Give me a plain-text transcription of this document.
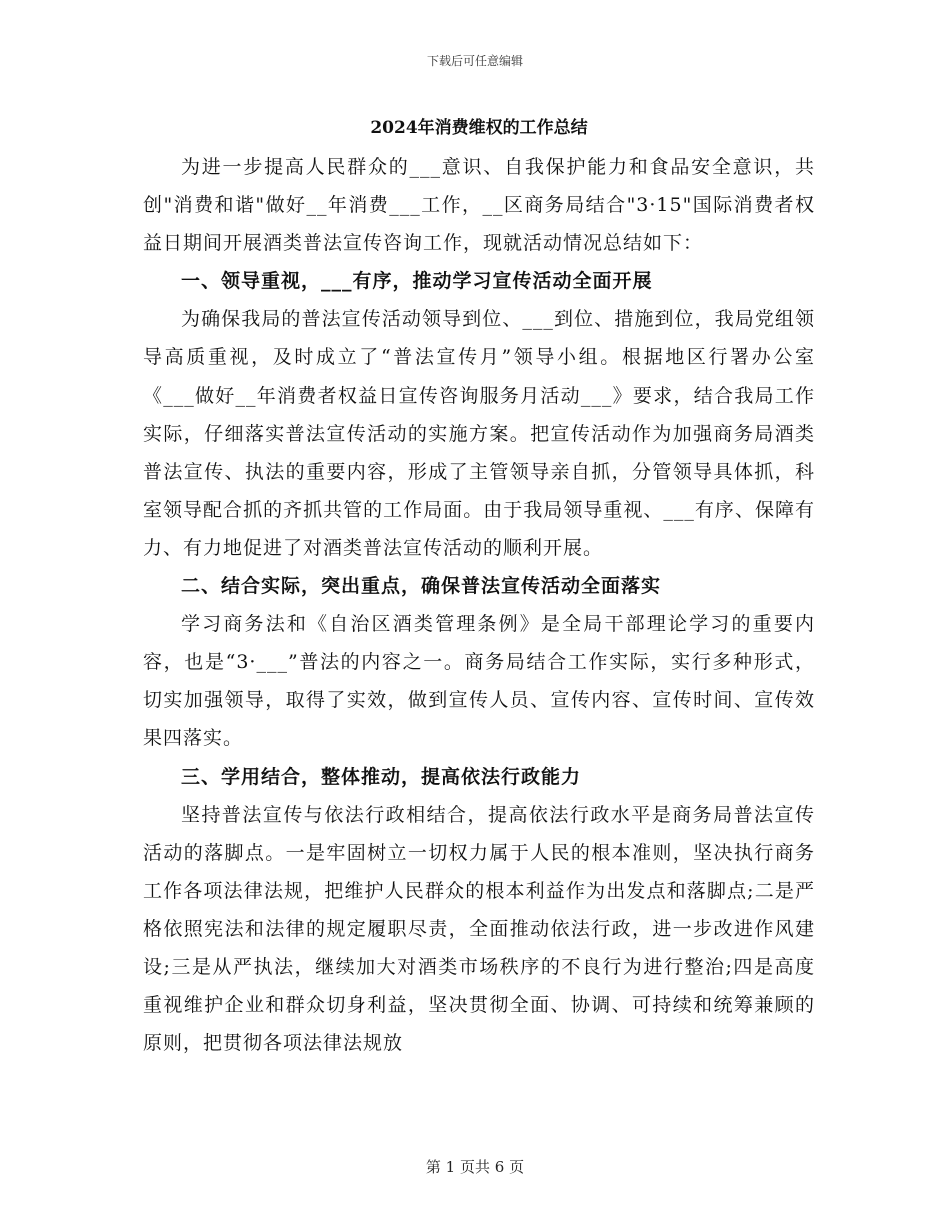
下载后可任意编辑
2024年消费维权的工作总结

为进一步提高人民群众的___意识、自我保护能力和食品安全意识，共创"消费和谐"做好__年消费___工作，__区商务局结合"3·15"国际消费者权益日期间开展酒类普法宣传咨询工作，现就活动情况总结如下：

一、领导重视，___有序，推动学习宣传活动全面开展

为确保我局的普法宣传活动领导到位、___到位、措施到位，我局党组领导高质重视，及时成立了“普法宣传月”领导小组。根据地区行署办公室《___做好__年消费者权益日宣传咨询服务月活动___》要求，结合我局工作实际，仔细落实普法宣传活动的实施方案。把宣传活动作为加强商务局酒类普法宣传、执法的重要内容，形成了主管领导亲自抓，分管领导具体抓，科室领导配合抓的齐抓共管的工作局面。由于我局领导重视、___有序、保障有力、有力地促进了对酒类普法宣传活动的顺利开展。

二、结合实际，突出重点，确保普法宣传活动全面落实

学习商务法和《自治区酒类管理条例》是全局干部理论学习的重要内容，也是“3·___”普法的内容之一。商务局结合工作实际，实行多种形式，切实加强领导，取得了实效，做到宣传人员、宣传内容、宣传时间、宣传效果四落实。

三、学用结合，整体推动，提高依法行政能力

坚持普法宣传与依法行政相结合，提高依法行政水平是商务局普法宣传活动的落脚点。一是牢固树立一切权力属于人民的根本准则，坚决执行商务工作各项法律法规，把维护人民群众的根本利益作为出发点和落脚点;二是严格依照宪法和法律的规定履职尽责，全面推动依法行政，进一步改进作风建设;三是从严执法，继续加大对酒类市场秩序的不良行为进行整治;四是高度重视维护企业和群众切身利益，坚决贯彻全面、协调、可持续和统筹兼顾的原则，把贯彻各项法律法规放

第 1 页共 6 页
